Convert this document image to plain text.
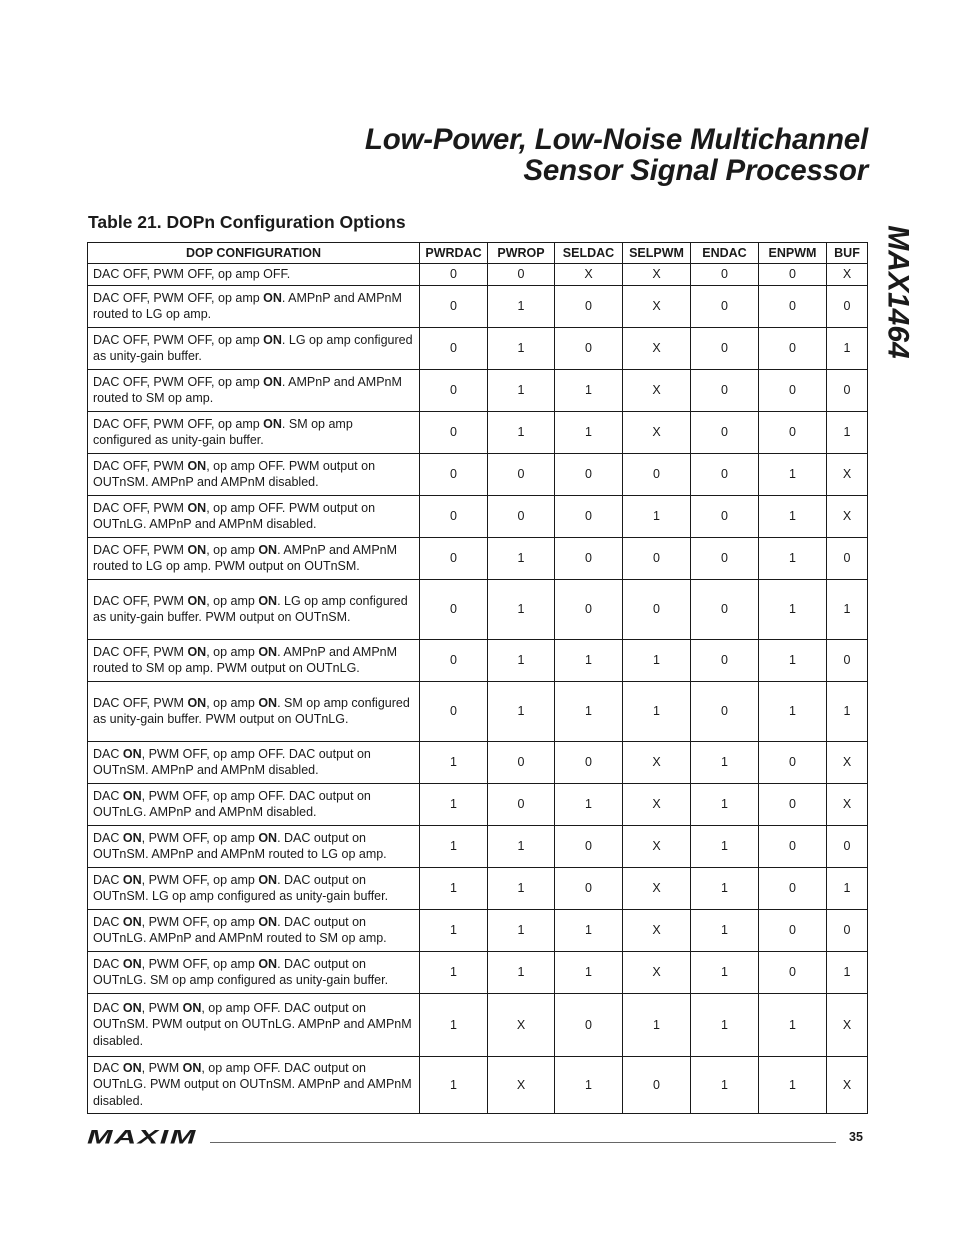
Low-Power, Low-Noise Multichannel
Sensor Signal Processor
MAX1464
Table 21. DOPn Configuration Options
DOP CONFIGURATION	PWRDAC	PWROP	SELDAC	SELPWM	ENDAC	ENPWM	BUF
DAC OFF, PWM OFF, op amp OFF.	0	0	X	X	0	0	X
DAC OFF, PWM OFF, op amp ON. AMPnP and AMPnM routed to LG op amp.	0	1	0	X	0	0	0
DAC OFF, PWM OFF, op amp ON. LG op amp configured as unity-gain buffer.	0	1	0	X	0	0	1
DAC OFF, PWM OFF, op amp ON. AMPnP and AMPnM routed to SM op amp.	0	1	1	X	0	0	0
DAC OFF, PWM OFF, op amp ON. SM op amp configured as unity-gain buffer.	0	1	1	X	0	0	1
DAC OFF, PWM ON, op amp OFF. PWM output on OUTnSM. AMPnP and AMPnM disabled.	0	0	0	0	0	1	X
DAC OFF, PWM ON, op amp OFF. PWM output on OUTnLG. AMPnP and AMPnM disabled.	0	0	0	1	0	1	X
DAC OFF, PWM ON, op amp ON. AMPnP and AMPnM routed to LG op amp. PWM output on OUTnSM.	0	1	0	0	0	1	0
DAC OFF, PWM ON, op amp ON. LG op amp configured as unity-gain buffer. PWM output on OUTnSM.	0	1	0	0	0	1	1
DAC OFF, PWM ON, op amp ON. AMPnP and AMPnM routed to SM op amp. PWM output on OUTnLG.	0	1	1	1	0	1	0
DAC OFF, PWM ON, op amp ON. SM op amp configured as unity-gain buffer. PWM output on OUTnLG.	0	1	1	1	0	1	1
DAC ON, PWM OFF, op amp OFF. DAC output on OUTnSM. AMPnP and AMPnM disabled.	1	0	0	X	1	0	X
DAC ON, PWM OFF, op amp OFF. DAC output on OUTnLG. AMPnP and AMPnM disabled.	1	0	1	X	1	0	X
DAC ON, PWM OFF, op amp ON. DAC output on OUTnSM. AMPnP and AMPnM routed to LG op amp.	1	1	0	X	1	0	0
DAC ON, PWM OFF, op amp ON. DAC output on OUTnSM. LG op amp configured as unity-gain buffer.	1	1	0	X	1	0	1
DAC ON, PWM OFF, op amp ON. DAC output on OUTnLG. AMPnP and AMPnM routed to SM op amp.	1	1	1	X	1	0	0
DAC ON, PWM OFF, op amp ON. DAC output on OUTnLG. SM op amp configured as unity-gain buffer.	1	1	1	X	1	0	1
DAC ON, PWM ON, op amp OFF. DAC output on OUTnSM. PWM output on OUTnLG. AMPnP and AMPnM disabled.	1	X	0	1	1	1	X
DAC ON, PWM ON, op amp OFF. DAC output on OUTnLG. PWM output on OUTnSM. AMPnP and AMPnM disabled.	1	X	1	0	1	1	X
MAXIM	35
